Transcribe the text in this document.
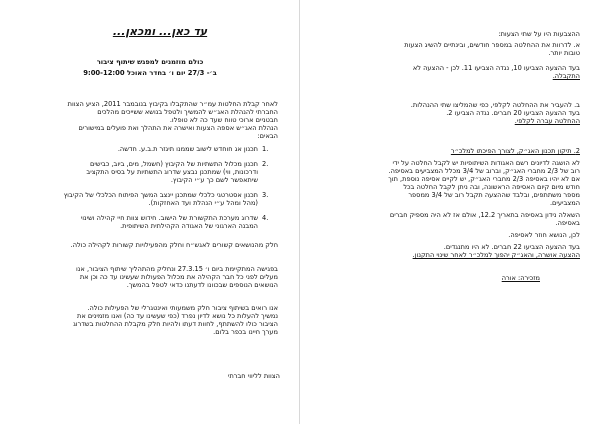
עד כאן... ומכאן...
כולם מוזמנים למפגש שיתוף ציבור
ב׳- 27/3 יום ו׳ בחדר האוכל 9:00-12:00
לאחר קבלת החלטות עמ״ר שהתקבלו בקיבוץ בנובמבר 2011, הציע הצוות
החברתי להנהלת האג״ש להמשיך ולטפל בנושא ששייכים מהלכים
חבטניים ארוכי טווח שעד כה לא טופלו.
הנהלת האג״ש אספה הצעות ואישרה את התהלך ואת פועלים במישורים
הבאים:
1.
תכנון אג חוחדש לישוב שממנו תיגזר ת.ב.ע. חדשה.
2.
תכנון מכלול התשתיות של הקיבוץ (חשמל, מים, ביוב, כבישים
ודרכונות, ווי) שמתכנן נבצע שדרוג התשתיות על בסיס התקציב
שיתאפשר לשם כך ע״י הקיבוץ.
3.
תכנון אסטרטגי כלכלי שמתכנן יינצב המשך הפיתוח הכלכלי של הקיבוץ
(מהל ומהל ע״י הנהלת ועד האחזקות).
4.
שדרוג מערכת התקשורת של הישוב. חידוש צוות חיי קהילה ושינוי
המבנה הארגוני של האגודה הקהילתית השיתופית.
חלק מהנושאים קשורים לאגש״ח וחלק מהפעילויות קשורות לקהילה כולה.
בפגישה המתקיימת ביום ו׳ 27.3.15 ונחליק מהתהליך שיתוף הציבור, אנו
מעלים לפני כל חבר הקהילה את מכלול הפעולות שעשינו עד כה וכן את
הנושאים הנוספים שבכוונו לדעתנו כדאי לטפל בהמשך.
אנו רואים בשיתוף ציבור חלק משמעותי ואינטגרלי של הפעילות כולה.
נמשיך להעלות כל נושא לדיון נפרד (כפי שעשינו עד כה) ואנו מזמינים את
הציבור כולו להשתתף, לחוות דעתו ולהיות חלק מקבלת ההחלטות בשדרוג
מערך חיינו בכפר בלום.
הצוות לליווי חברתי
ההצבעות היו על שתי הצעות:
א. לדרוות את ההחלטה במספר חודשים, ובינתיים להשיג הצעות
טובות יותר.
בעד ההצעה הצביעו 10, נגדה הצביעו 11. לכן - ההצעה לא
התקבלה.
ב. להעביר את ההחלטה לקלפי, כפי שהמליצו שתי ההנהלות.
בעד ההצעה הצביעו 20 חברים. נגדה הצביעו 2.
ההחלטה עברה לקלפי.
2. תיקון תכנון האג״ק, לצורך הפיכתו למלכ״ר
לא הושגה לדיונים רשם האגודות השיתופיות יש לקבל החלטה על ידי
רוב של 2/3 מחברי האג״ק, וברוב של 3/4 מכלל המצביעים באסיפה.
אם לא יהיו באסיפה 2/3 מחברי האג״ק, יש לקיים אסיפה נוספת, תוך
חודש מיום קיום האסיפה הראשונה, ובה ניתן לקבל החלטה בכל
מספר משתתפים, ובלבד שההצעה תקבל רוב של 3/4 ממספר
המצביעים.
השאלה נידון באסיפה בתאריך 12.2, אולם אז לא היה מספיק חברים
באסיפה.
לכן, הנושא חוזר לאסיפה.
בעד ההצעה הצביעו 22 חברים. לא היו מתנגדים.
ההצעה אושרה, והאג״ק יהפוך למלכ״ר לאחר שינוי התקנון.
מזכירה: אורה
